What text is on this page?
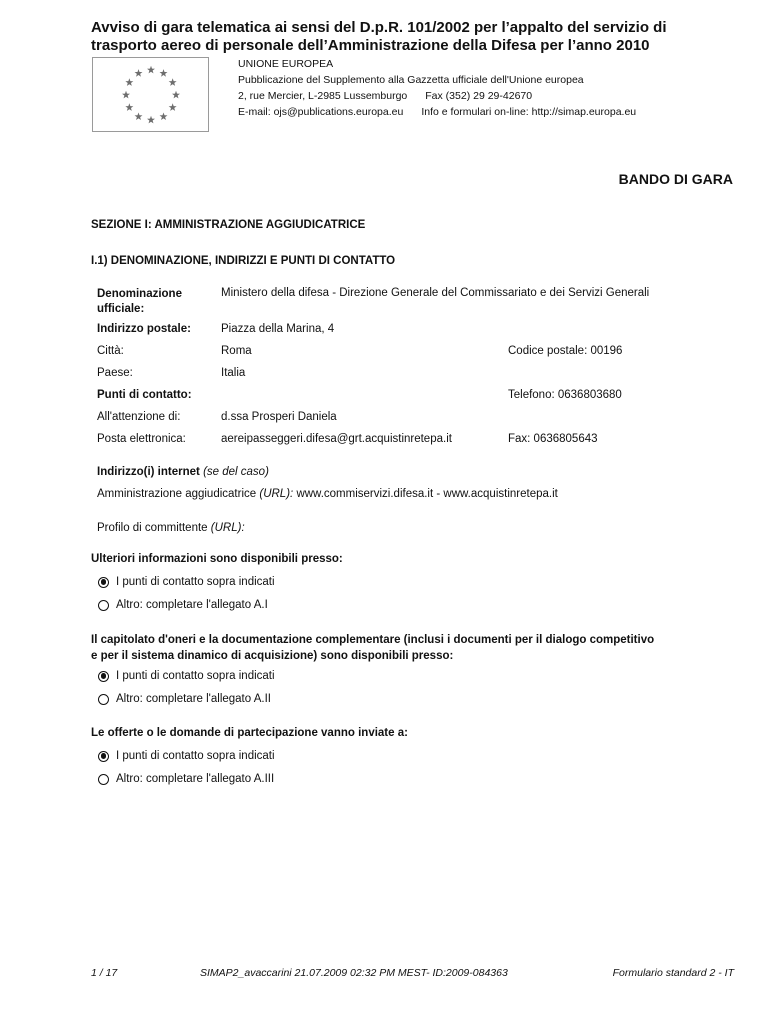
Avviso di gara telematica ai sensi del D.p.R. 101/2002 per l’appalto del servizio di
trasporto aereo di personale dell’Amministrazione della Difesa per l’anno 2010
UNIONE EUROPEA
Pubblicazione del Supplemento alla Gazzetta ufficiale dell'Unione europea
2, rue Mercier, L-2985 Lussemburgo Fax (352) 29 29-42670
E-mail: ojs@publications.europa.eu Info e formulari on-line: http://simap.europa.eu
BANDO DI GARA
SEZIONE I: AMMINISTRAZIONE AGGIUDICATRICE
I.1) DENOMINAZIONE, INDIRIZZI E PUNTI DI CONTATTO
Denominazione
ufficiale:
Ministero della difesa - Direzione Generale del Commissariato e dei Servizi Generali
Indirizzo postale:	Piazza della Marina, 4
Città:	Roma	Codice postale: 00196
Paese:	Italia
Punti di contatto:	Telefono: 0636803680
All'attenzione di:	d.ssa Prosperi Daniela
Posta elettronica:	aereipasseggeri.difesa@grt.acquistinretepa.it	Fax: 0636805643
Indirizzo(i) internet (se del caso)
Amministrazione aggiudicatrice (URL): www.commiservizi.difesa.it - www.acquistinretepa.it
Profilo di committente (URL):
Ulteriori informazioni sono disponibili presso:
I punti di contatto sopra indicati
Altro: completare l'allegato A.I
Il capitolato d'oneri e la documentazione complementare (inclusi i documenti per il dialogo competitivo
e per il sistema dinamico di acquisizione) sono disponibili presso:
I punti di contatto sopra indicati
Altro: completare l'allegato A.II
Le offerte o le domande di partecipazione vanno inviate a:
I punti di contatto sopra indicati
Altro: completare l'allegato A.III
1 / 17	SIMAP2_avaccarini 21.07.2009 02:32 PM MEST- ID:2009-084363	Formulario standard 2 - IT
